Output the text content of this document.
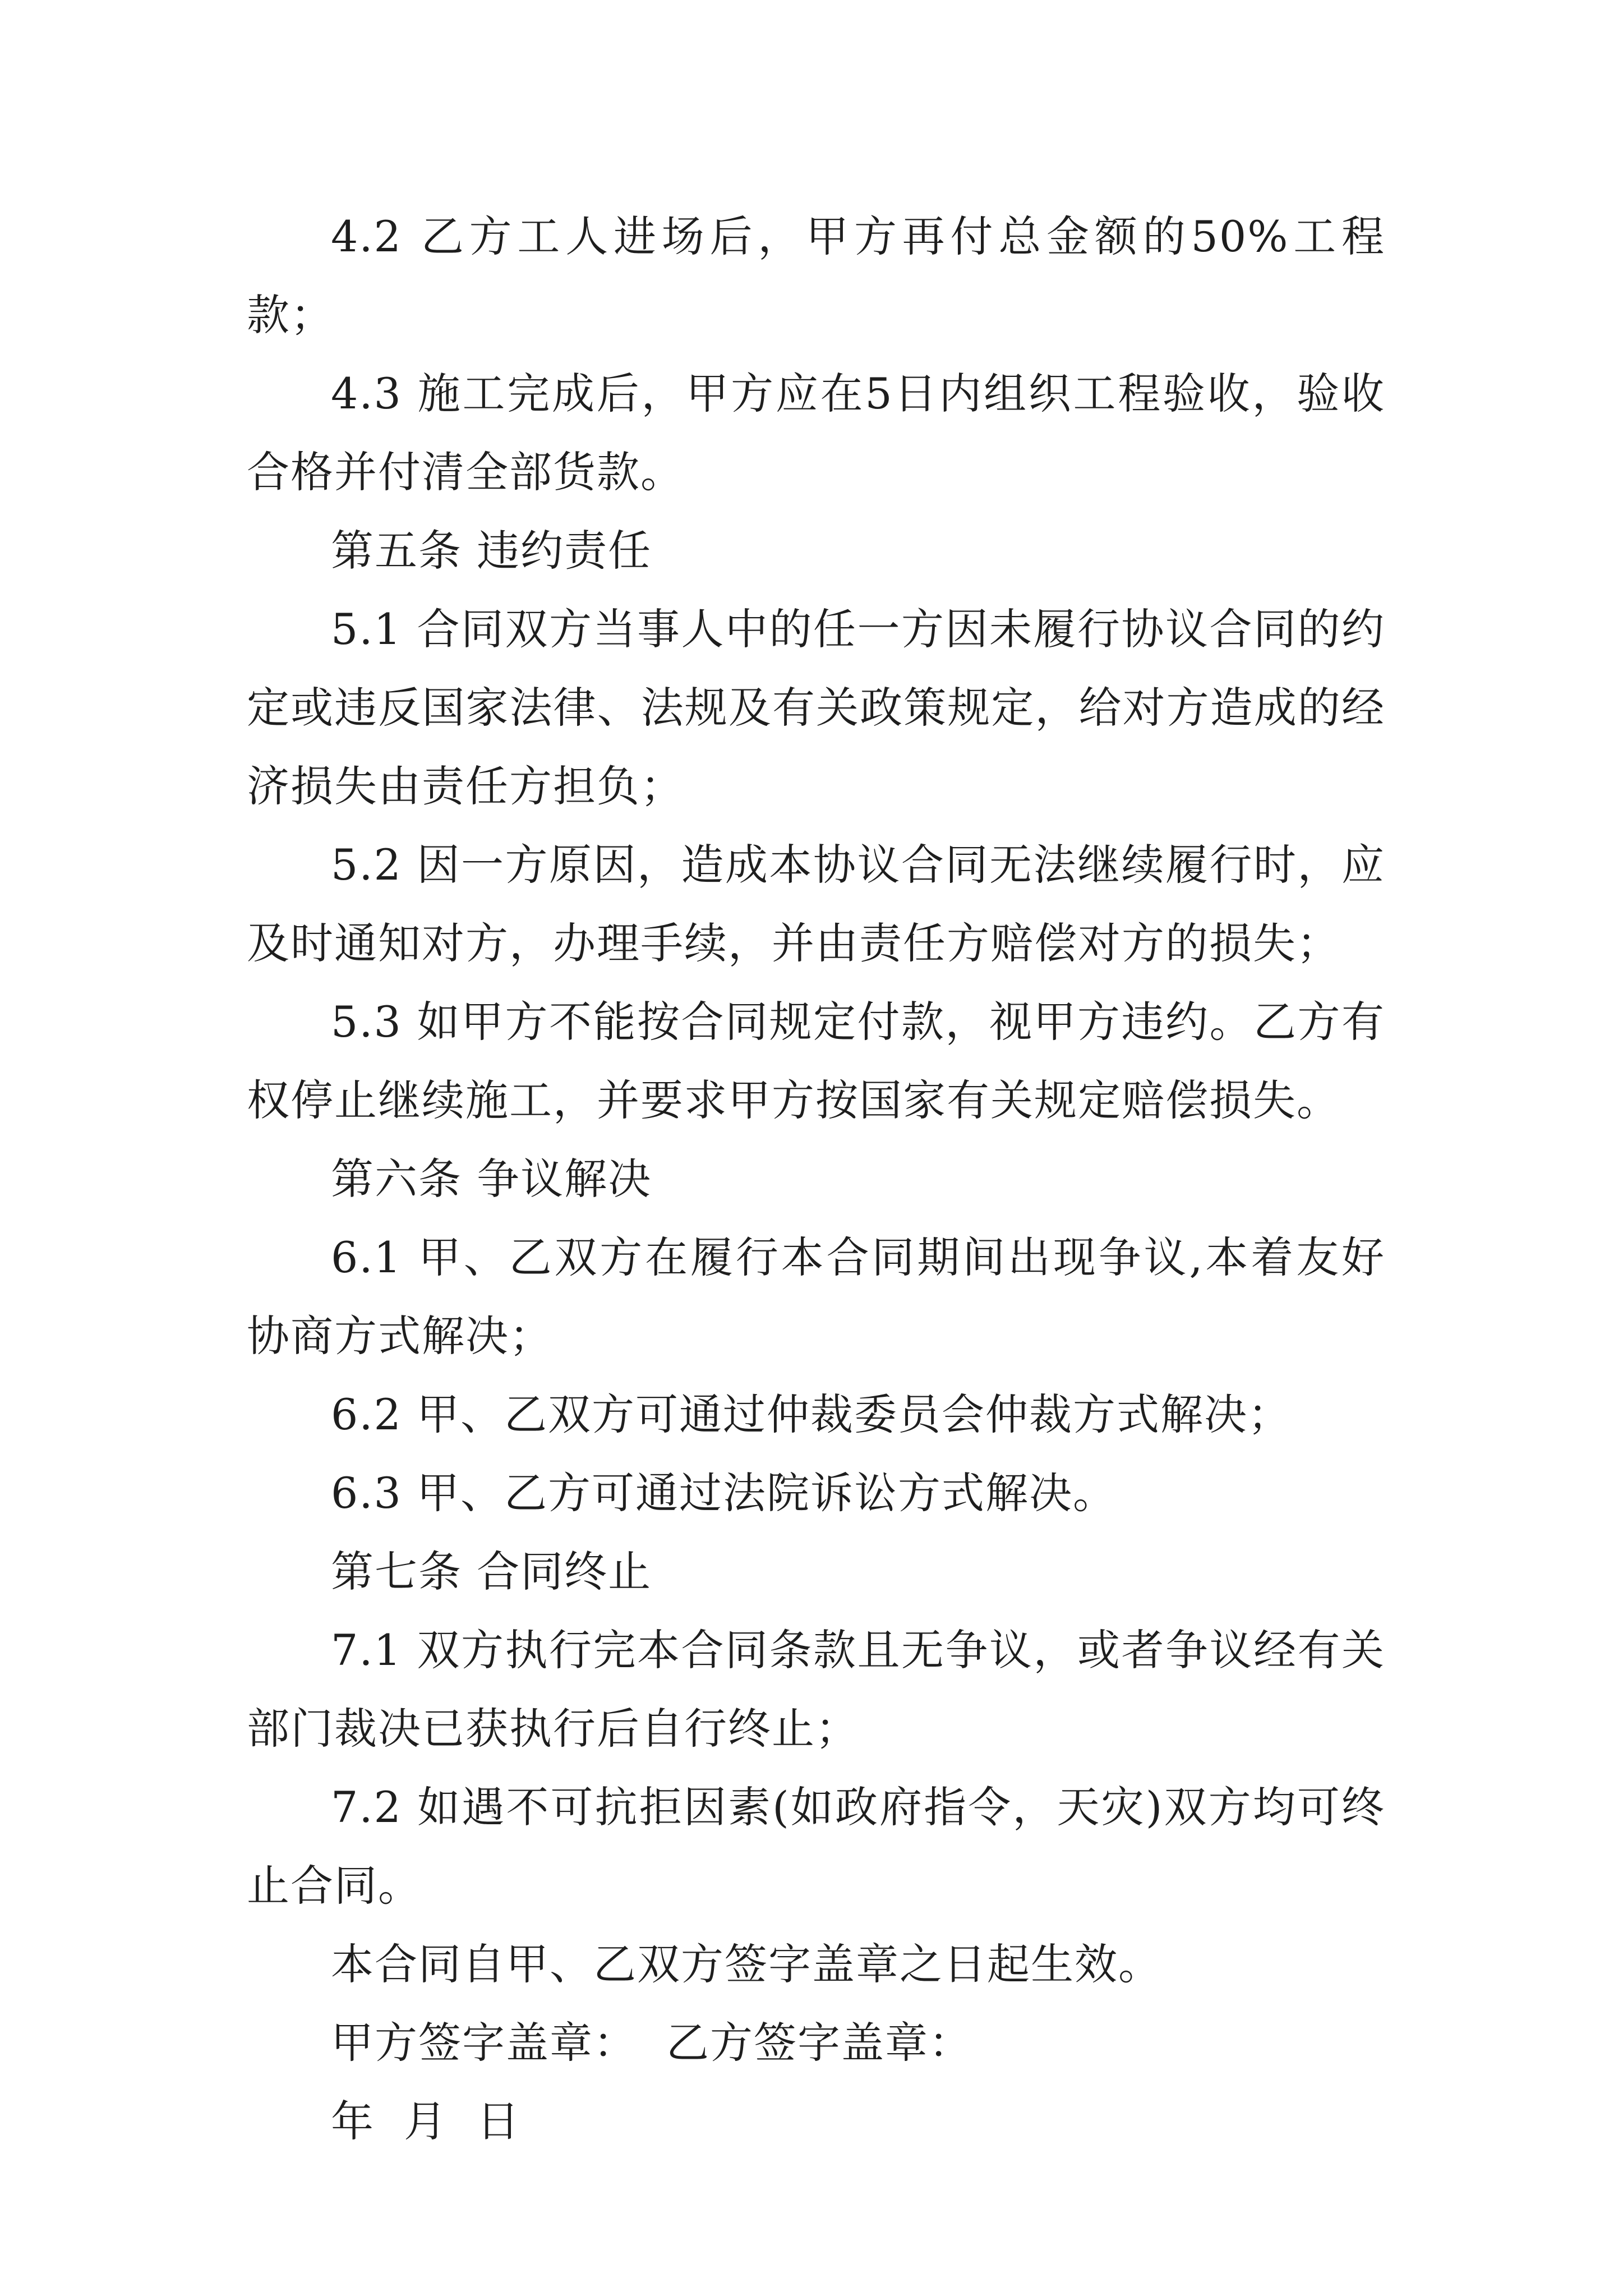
4.2 乙方工人进场后，甲方再付总金额的50%工程款；

4.3 施工完成后，甲方应在5日内组织工程验收，验收合格并付清全部货款。

第五条 违约责任

5.1 合同双方当事人中的任一方因未履行协议合同的约定或违反国家法律、法规及有关政策规定，给对方造成的经济损失由责任方担负；

5.2 因一方原因，造成本协议合同无法继续履行时，应及时通知对方，办理手续，并由责任方赔偿对方的损失；

5.3 如甲方不能按合同规定付款，视甲方违约。乙方有权停止继续施工，并要求甲方按国家有关规定赔偿损失。

第六条 争议解决

6.1 甲、乙双方在履行本合同期间出现争议,本着友好协商方式解决；

6.2 甲、乙双方可通过仲裁委员会仲裁方式解决；

6.3 甲、乙方可通过法院诉讼方式解决。

第七条 合同终止

7.1 双方执行完本合同条款且无争议，或者争议经有关部门裁决已获执行后自行终止；

7.2 如遇不可抗拒因素(如政府指令，天灾)双方均可终止合同。

本合同自甲、乙双方签字盖章之日起生效。

甲方签字盖章： 乙方签字盖章：

年 月 日
